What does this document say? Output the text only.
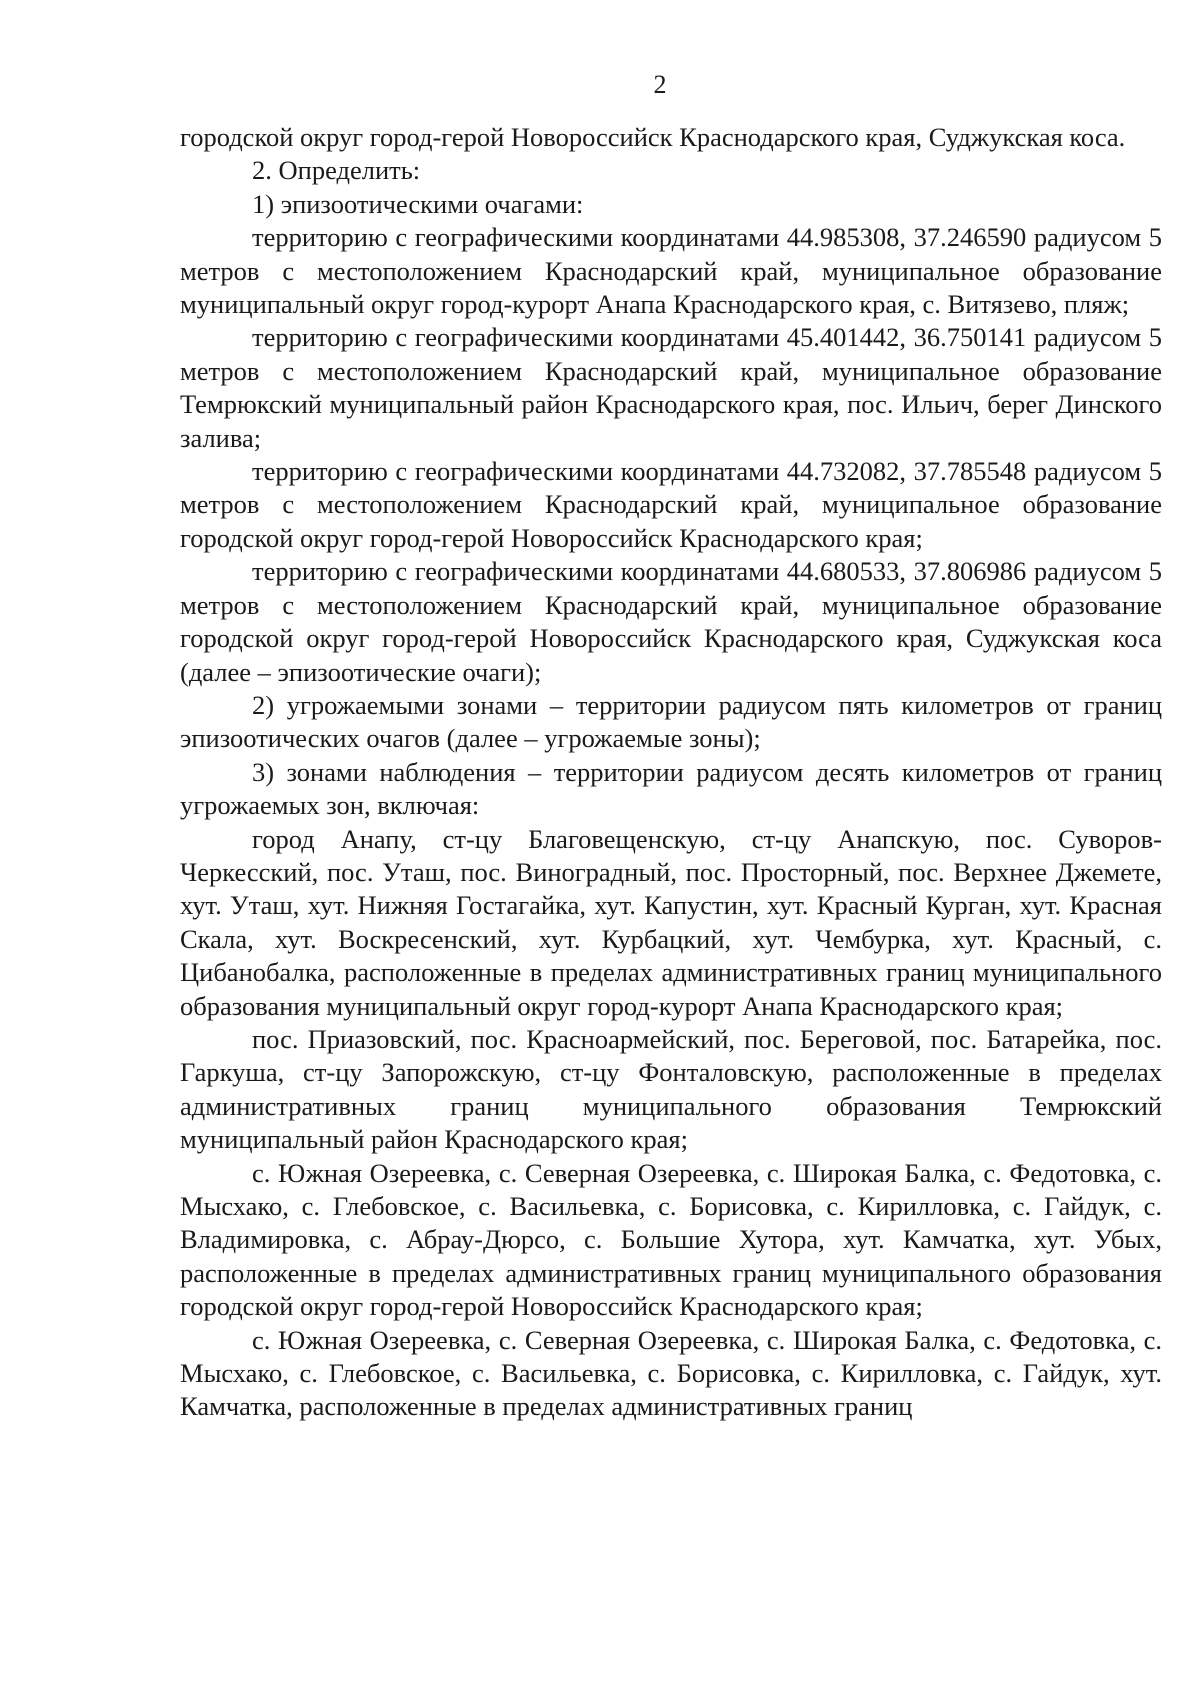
2

городской округ город-герой Новороссийск Краснодарского края, Суджукская коса.

2. Определить:

1) эпизоотическими очагами:

территорию с географическими координатами 44.985308, 37.246590 радиусом 5 метров с местоположением Краснодарский край, муниципальное образование муниципальный округ город-курорт Анапа Краснодарского края, с. Витязево, пляж;

территорию с географическими координатами 45.401442, 36.750141 радиусом 5 метров с местоположением Краснодарский край, муниципальное образование Темрюкский муниципальный район Краснодарского края, пос. Ильич, берег Динского залива;

территорию с географическими координатами 44.732082, 37.785548 радиусом 5 метров с местоположением Краснодарский край, муниципальное образование городской округ город-герой Новороссийск Краснодарского края;

территорию с географическими координатами 44.680533, 37.806986 радиусом 5 метров с местоположением Краснодарский край, муниципальное образование городской округ город-герой Новороссийск Краснодарского края, Суджукская коса (далее – эпизоотические очаги);

2) угрожаемыми зонами – территории радиусом пять километров от границ эпизоотических очагов (далее – угрожаемые зоны);

3) зонами наблюдения – территории радиусом десять километров от границ угрожаемых зон, включая:

город Анапу, ст-цу Благовещенскую, ст-цу Анапскую, пос. Суворов-Черкесский, пос. Уташ, пос. Виноградный, пос. Просторный, пос. Верхнее Джемете, хут. Уташ, хут. Нижняя Гостагайка, хут. Капустин, хут. Красный Курган, хут. Красная Скала, хут. Воскресенский, хут. Курбацкий, хут. Чембурка, хут. Красный, с. Цибанобалка, расположенные в пределах административных границ муниципального образования муниципальный округ город-курорт Анапа Краснодарского края;

пос. Приазовский, пос. Красноармейский, пос. Береговой, пос. Батарейка, пос. Гаркуша, ст-цу Запорожскую, ст-цу Фонталовскую, расположенные в пределах административных границ муниципального образования Темрюкский муниципальный район Краснодарского края;

с. Южная Озереевка, с. Северная Озереевка, с. Широкая Балка, с. Федотовка, с. Мысхако, с. Глебовское, с. Васильевка, с. Борисовка, с. Кирилловка, с. Гайдук, с. Владимировка, с. Абрау-Дюрсо, с. Большие Хутора, хут. Камчатка, хут. Убых, расположенные в пределах административных границ муниципального образования городской округ город-герой Новороссийск Краснодарского края;

с. Южная Озереевка, с. Северная Озереевка, с. Широкая Балка, с. Федотовка, с. Мысхако, с. Глебовское, с. Васильевка, с. Борисовка, с. Кирилловка, с. Гайдук, хут. Камчатка, расположенные в пределах административных границ
